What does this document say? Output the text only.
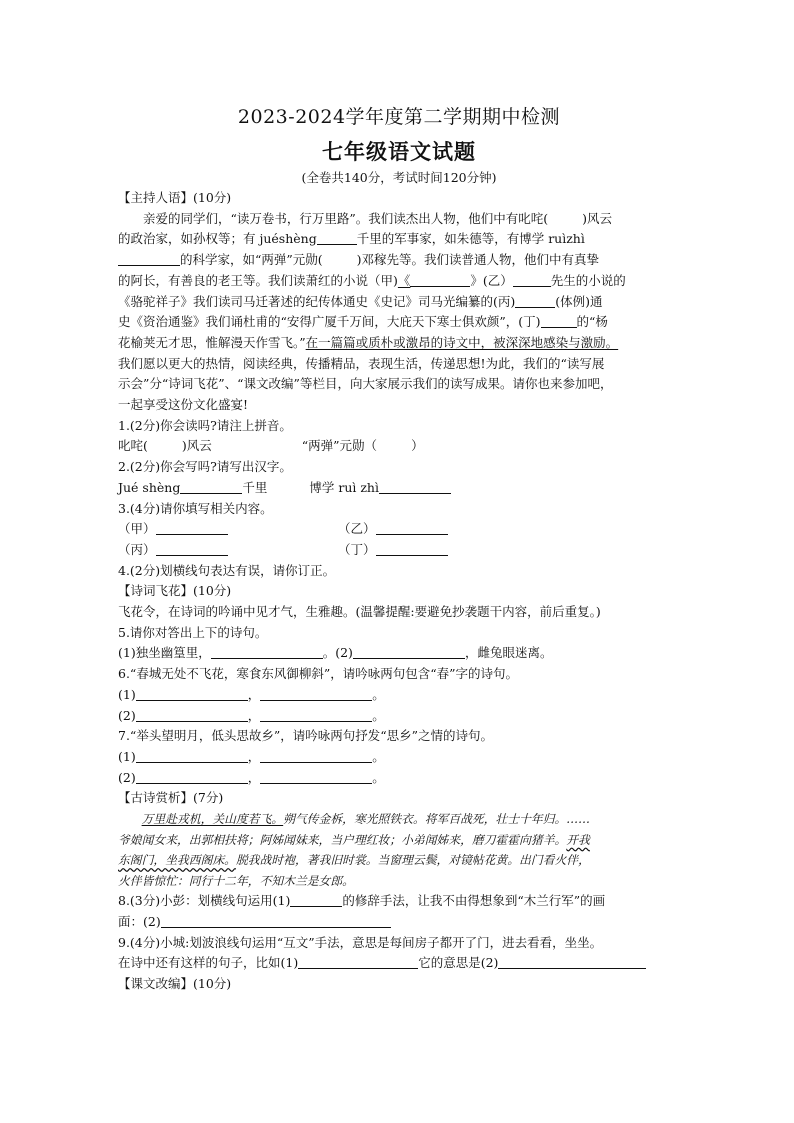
2023-2024学年度第二学期期中检测

七年级语文试题

(全卷共140分，考试时间120分钟)

【主持人语】(10分)

亲爱的同学们，“读万卷书，行万里路”。我们读杰出人物，他们中有叱咤(	)风云

的政治家，如孙权等；有 juéshèng	千里的军事家，如朱德等，有博学 ruìzhì

的科学家，如“两弹”元勋(	)邓稼先等。我们读普通人物，他们中有真挚

的阿长，有善良的老王等。我们读萧红的小说（甲)《	》(乙）	先生的小说的

《骆驼祥子》我们读司马迁著述的纪传体通史《史记》司马光编纂的(丙)	(体例)通

史《资治通鉴》我们诵杜甫的“安得广厦千万间，大庇天下寒士俱欢颜”，(丁)	的“杨

花榆荚无才思，惟解漫天作雪飞。”在一篇篇或质朴或激昂的诗文中，被深深地感染与激励。

我们愿以更大的热情，阅读经典，传播精品，表现生活，传递思想!为此，我们的“读写展

示会”分“诗词飞花”、“课文改编”等栏目，向大家展示我们的读写成果。请你也来参加吧，

一起享受这份文化盛宴!

1.(2分)你会读吗?请注上拼音。

叱咤(	)风云	“两弹”元勋（	）

2.(2分)你会写吗?请写出汉字。

Jué shèng	千里	博学 ruì zhì

3.(4分)请你填写相关内容。

（甲）	（乙）
（丙）	（丁）

4.(2分)划横线句表达有误，请你订正。

【诗词飞花】(10分)

飞花令，在诗词的吟诵中见才气，生雅趣。(温馨提醒:要避免抄袭题干内容，前后重复。)

5.请你对答出上下的诗句。

(1)独坐幽篁里，	。(2)	，雌兔眼迷离。

6.“春城无处不飞花，寒食东风御柳斜”，请吟咏两句包含“春”字的诗句。

(1)	，	。

(2)	，	。

7.“举头望明月，低头思故乡”，请吟咏两句抒发“思乡”之情的诗句。

(1)	，	。

(2)	，	。

【古诗赏析】(7分)

万里赴戎机，关山度若飞。朔气传金柝，寒光照铁衣。将军百战死，壮士十年归。……

爷娘闻女来，出郭相扶将；阿姊闻妹来，当户理红妆；小弟闻姊来，磨刀霍霍向猪羊。开我

东阁门，坐我西阁床。脱我战时袍，著我旧时裳。当窗理云鬓，对镜帖花黄。出门看火伴，

火伴皆惊忙：同行十二年，不知木兰是女郎。

8.(3分)小彭：划横线句运用(1)	的修辞手法，让我不由得想象到“木兰行军”的画

面：(2)

9.(4分)小城:划波浪线句运用“互文”手法，意思是每间房子都开了门，进去看看，坐坐。

在诗中还有这样的句子，比如(1)	它的意思是(2)

【课文改编】(10分)
